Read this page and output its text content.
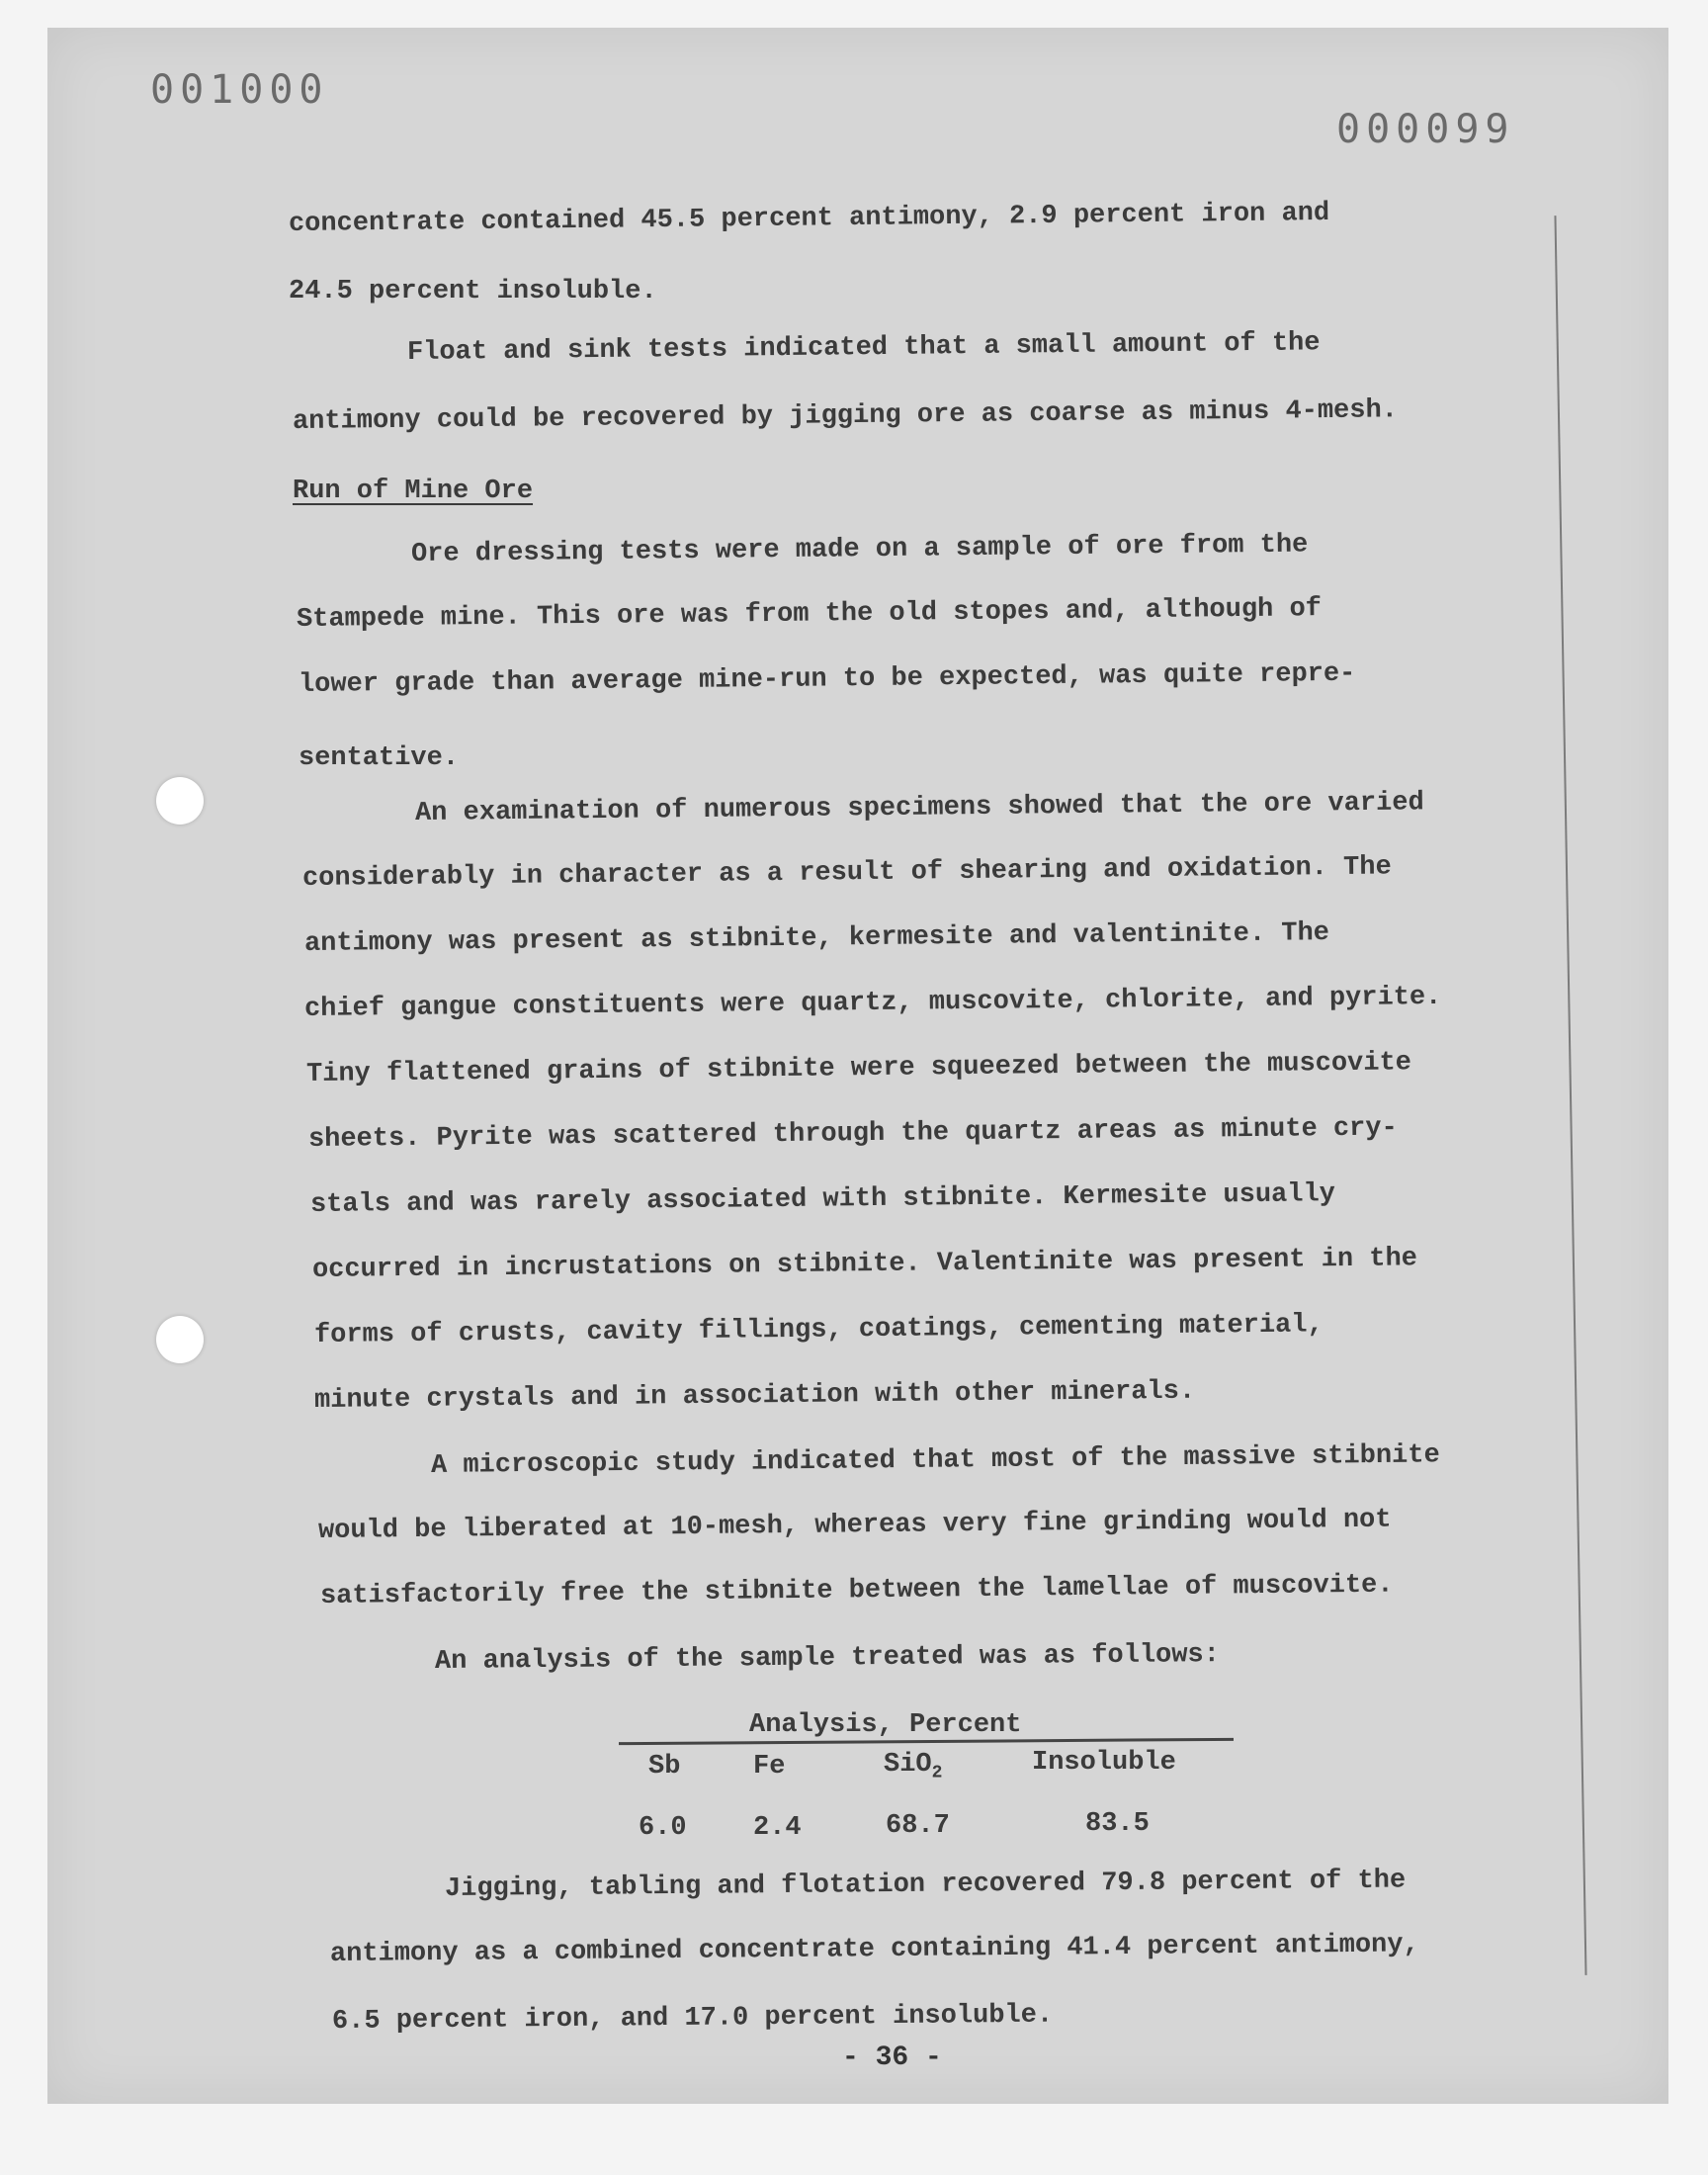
001000
000099
concentrate contained 45.5 percent antimony, 2.9 percent iron and
24.5 percent insoluble.
Float and sink tests indicated that a small amount of the
antimony could be recovered by jigging ore as coarse as minus 4-mesh.
Run of Mine Ore
Ore dressing tests were made on a sample of ore from the
Stampede mine. This ore was from the old stopes and, although of
lower grade than average mine-run to be expected, was quite repre-
sentative.
An examination of numerous specimens showed that the ore varied
considerably in character as a result of shearing and oxidation. The
antimony was present as stibnite, kermesite and valentinite. The
chief gangue constituents were quartz, muscovite, chlorite, and pyrite.
Tiny flattened grains of stibnite were squeezed between the muscovite
sheets. Pyrite was scattered through the quartz areas as minute cry-
stals and was rarely associated with stibnite. Kermesite usually
occurred in incrustations on stibnite. Valentinite was present in the
forms of crusts, cavity fillings, coatings, cementing material,
minute crystals and in association with other minerals.
A microscopic study indicated that most of the massive stibnite
would be liberated at 10-mesh, whereas very fine grinding would not
satisfactorily free the stibnite between the lamellae of muscovite.
An analysis of the sample treated was as follows:
Analysis, Percent
Sb	Fe	SiO$_2$	Insoluble
6.0 2.4	68.7	83.5
Jigging, tabling and flotation recovered 79.8 percent of the
antimony as a combined concentrate containing 41.4 percent antimony,
6.5 percent iron, and 17.0 percent insoluble.
- 36 -
